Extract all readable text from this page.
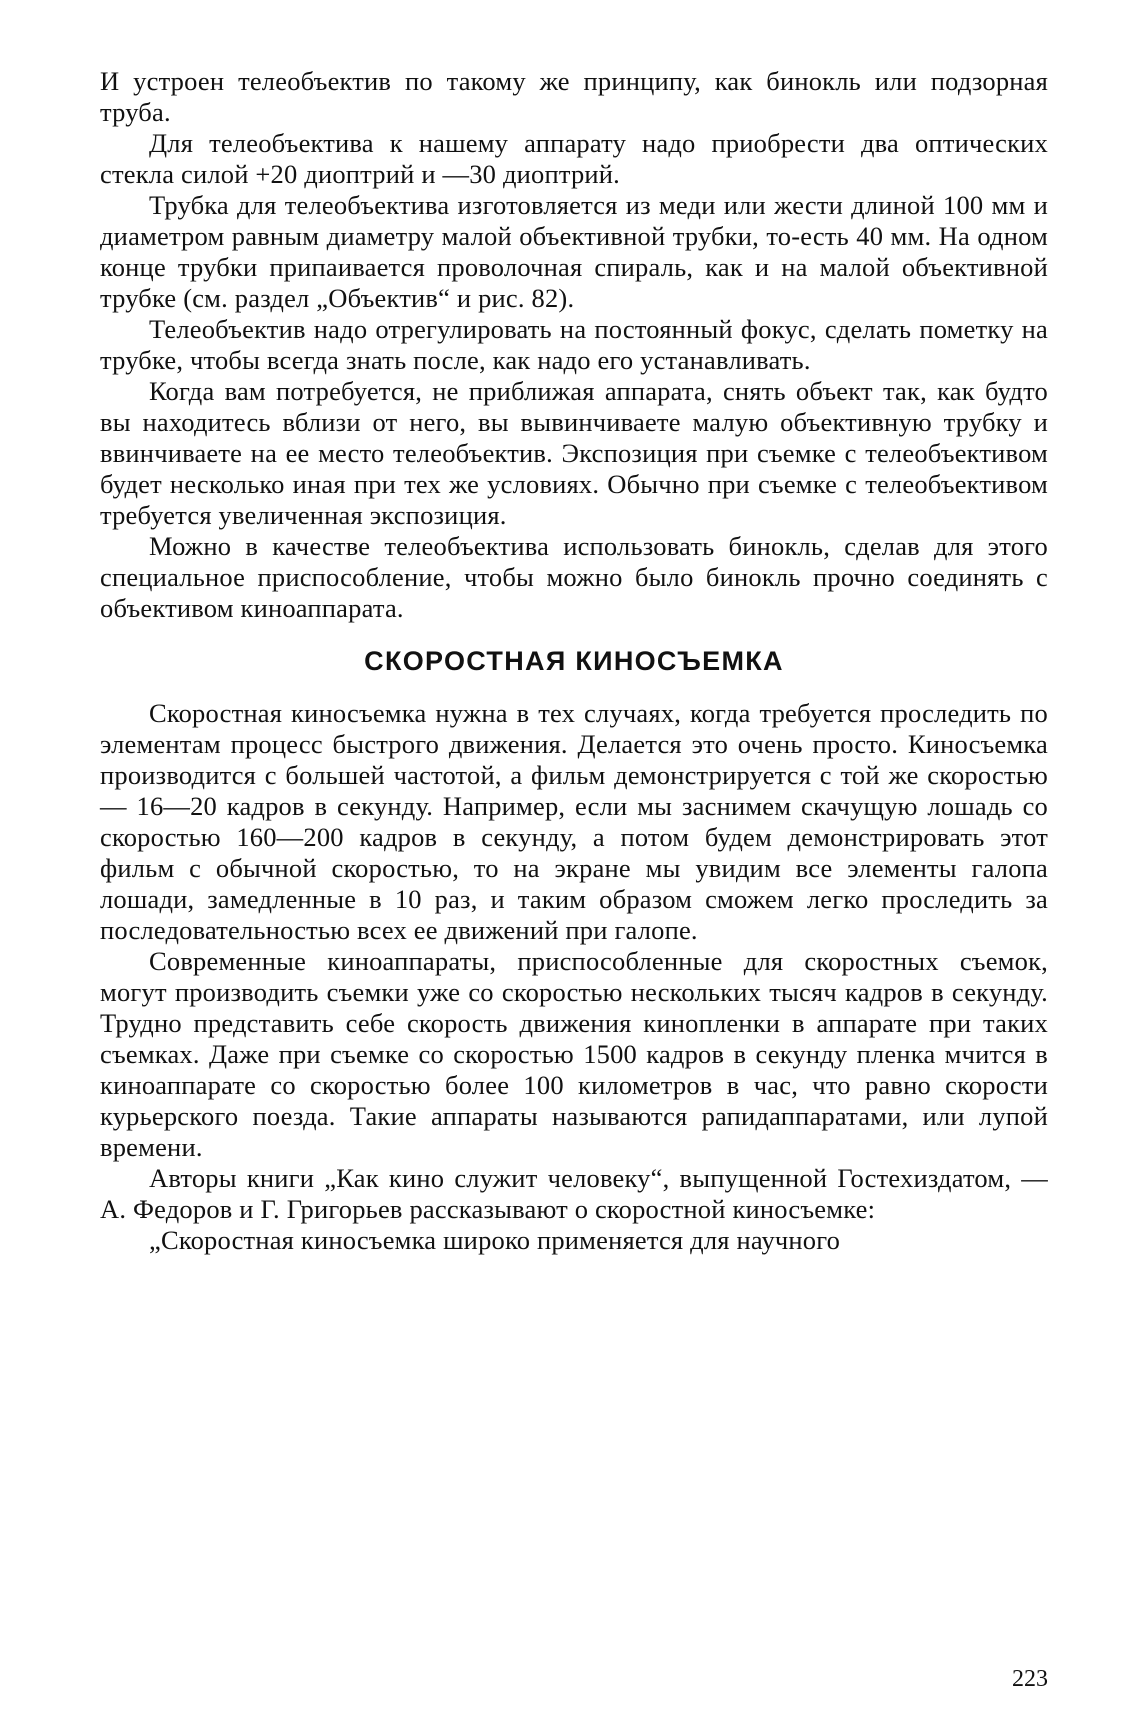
И устроен телеобъектив по такому же принципу, как бинокль или подзорная труба.

Для телеобъектива к нашему аппарату надо приобрести два оптических стекла силой +20 диоптрий и —30 диоптрий.

Трубка для телеобъектива изготовляется из меди или жести длиной 100 мм и диаметром равным диаметру малой объективной трубки, то-есть 40 мм. На одном конце трубки припаивается проволочная спираль, как и на малой объективной трубке (см. раздел „Объектив“ и рис. 82).

Телеобъектив надо отрегулировать на постоянный фокус, сделать пометку на трубке, чтобы всегда знать после, как надо его устанавливать.

Когда вам потребуется, не приближая аппарата, снять объект так, как будто вы находитесь вблизи от него, вы вывинчиваете малую объективную трубку и ввинчиваете на ее место телеобъектив. Экспозиция при съемке с телеобъективом будет несколько иная при тех же условиях. Обычно при съемке с телеобъективом требуется увеличенная экспозиция.

Можно в качестве телеобъектива использовать бинокль, сделав для этого специальное приспособление, чтобы можно было бинокль прочно соединять с объективом киноаппарата.

СКОРОСТНАЯ КИНОСЪЕМКА

Скоростная киносъемка нужна в тех случаях, когда требуется проследить по элементам процесс быстрого движения. Делается это очень просто. Киносъемка производится с большей частотой, а фильм демонстрируется с той же скоростью — 16—20 кадров в секунду. Например, если мы заснимем скачущую лошадь со скоростью 160—200 кадров в секунду, а потом будем демонстрировать этот фильм с обычной скоростью, то на экране мы увидим все элементы галопа лошади, замедленные в 10 раз, и таким образом сможем легко проследить за последовательностью всех ее движений при галопе.

Современные киноаппараты, приспособленные для скоростных съемок, могут производить съемки уже со скоростью нескольких тысяч кадров в секунду. Трудно представить себе скорость движения кинопленки в аппарате при таких съемках. Даже при съемке со скоростью 1500 кадров в секунду пленка мчится в киноаппарате со скоростью более 100 километров в час, что равно скорости курьерского поезда. Такие аппараты называются рапидаппаратами, или лупой времени.

Авторы книги „Как кино служит человеку“, выпущенной Гостехиздатом, — А. Федоров и Г. Григорьев рассказывают о скоростной киносъемке:

„Скоростная киносъемка широко применяется для научного

223
